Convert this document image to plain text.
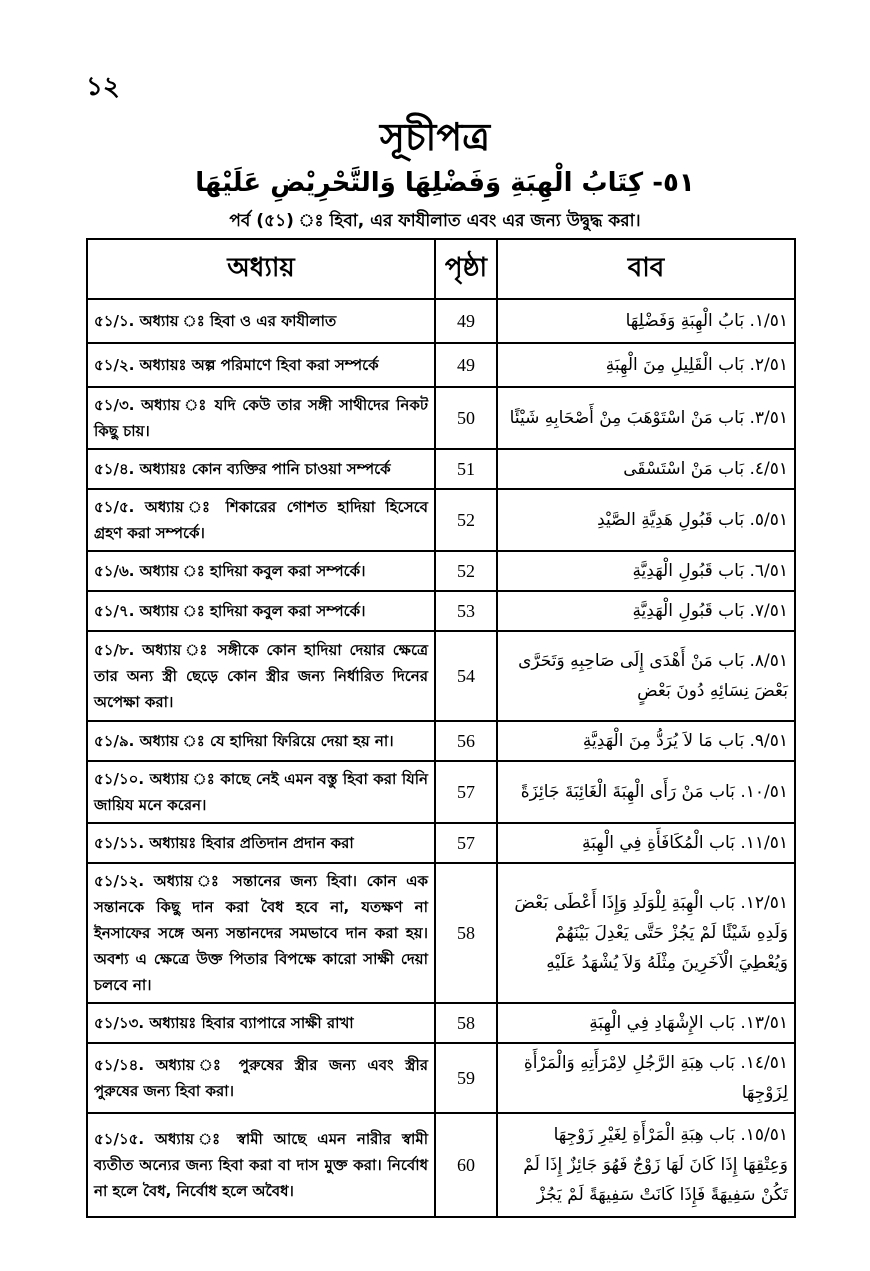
১২
সূচীপত্র
٥١- كِتَابُ الْهِبَةِ وَفَضْلِهَا وَالتَّحْرِيْضِ عَلَيْهَا
পর্ব (৫১) ঃ হিবা, এর ফাযীলাত এবং এর জন্য উদ্বুদ্ধ করা।
অধ্যায়	পৃষ্ঠা	বাব
৫১/১. অধ্যায় ঃ হিবা ও এর ফাযীলাত	49	١/٥١. بَابُ الْهِبَةِ وَفَضْلِهَا
৫১/২. অধ্যায়ঃ অল্প পরিমাণে হিবা করা সম্পর্কে	49	٢/٥١. بَاب الْقَلِيلِ مِنَ الْهِبَةِ
৫১/৩. অধ্যায় ঃ যদি কেউ তার সঙ্গী সাথীদের নিকট কিছু চায়।	50	٣/٥١. بَاب مَنْ اسْتَوْهَبَ مِنْ أَصْحَابِهِ شَيْئًا
৫১/৪. অধ্যায়ঃ কোন ব্যক্তির পানি চাওয়া সম্পর্কে	51	٤/٥١. بَاب مَنْ اسْتَسْقَى
৫১/৫. অধ্যায় ঃ শিকারের গোশত হাদিয়া হিসেবে গ্রহণ করা সম্পর্কে।	52	٥/٥١. بَاب قَبُولِ هَدِيَّةِ الصَّيْدِ
৫১/৬. অধ্যায় ঃ হাদিয়া কবুল করা সম্পর্কে।	52	٦/٥١. بَاب قَبُولِ الْهَدِيَّةِ
৫১/৭. অধ্যায় ঃ হাদিয়া কবুল করা সম্পর্কে।	53	٧/٥١. بَاب قَبُولِ الْهَدِيَّةِ
৫১/৮. অধ্যায় ঃ সঙ্গীকে কোন হাদিয়া দেয়ার ক্ষেত্রে তার অন্য স্ত্রী ছেড়ে কোন স্ত্রীর জন্য নির্ধারিত দিনের অপেক্ষা করা।	54	٨/٥١. بَاب مَنْ أَهْدَى إِلَى صَاحِبِهِ وَتَحَرَّى بَعْضَ نِسَائِهِ دُونَ بَعْضٍ
৫১/৯. অধ্যায় ঃ যে হাদিয়া ফিরিয়ে দেয়া হয় না।	56	٩/٥١. بَاب مَا لاَ يُرَدُّ مِنَ الْهَدِيَّةِ
৫১/১০. অধ্যায় ঃ কাছে নেই এমন বস্তু হিবা করা যিনি জায়িয মনে করেন।	57	١٠/٥١. بَاب مَنْ رَأَى الْهِبَةَ الْغَائِبَةَ جَائِزَةً
৫১/১১. অধ্যায়ঃ হিবার প্রতিদান প্রদান করা	57	١١/٥١. بَاب الْمُكَافَأَةِ فِي الْهِبَةِ
৫১/১২. অধ্যায় ঃ সন্তানের জন্য হিবা। কোন এক সন্তানকে কিছু দান করা বৈধ হবে না, যতক্ষণ না ইনসাফের সঙ্গে অন্য সন্তানদের সমভাবে দান করা হয়। অবশ্য এ ক্ষেত্রে উক্ত পিতার বিপক্ষে কারো সাক্ষী দেয়া চলবে না।	58	١٢/٥١. بَاب الْهِبَةِ لِلْوَلَدِ وَإِذَا أَعْطَى بَعْضَ وَلَدِهِ شَيْئًا لَمْ يَجُزْ حَتَّى يَعْدِلَ بَيْنَهُمْ وَيُعْطِيَ الْآخَرِينَ مِثْلَهُ وَلاَ يُشْهَدُ عَلَيْهِ
৫১/১৩. অধ্যায়ঃ হিবার ব্যাপারে সাক্ষী রাখা	58	١٣/٥١. بَاب الإِشْهَادِ فِي الْهِبَةِ
৫১/১৪. অধ্যায় ঃ পুরুষের স্ত্রীর জন্য এবং স্ত্রীর পুরুষের জন্য হিবা করা।	59	١٤/٥١. بَاب هِبَةِ الرَّجُلِ لاِمْرَأَتِهِ وَالْمَرْأَةِ لِزَوْجِهَا
৫১/১৫. অধ্যায় ঃ স্বামী আছে এমন নারীর স্বামী ব্যতীত অন্যের জন্য হিবা করা বা দাস মুক্ত করা। নির্বোধ না হলে বৈধ, নির্বোধ হলে অবৈধ।	60	١٥/٥١. بَاب هِبَةِ الْمَرْأَةِ لِغَيْرِ زَوْجِهَا وَعِتْقِهَا إِذَا كَانَ لَهَا زَوْجٌ فَهُوَ جَائِزٌ إِذَا لَمْ تَكُنْ سَفِيهَةً فَإِذَا كَانَتْ سَفِيهَةً لَمْ يَجُزْ
